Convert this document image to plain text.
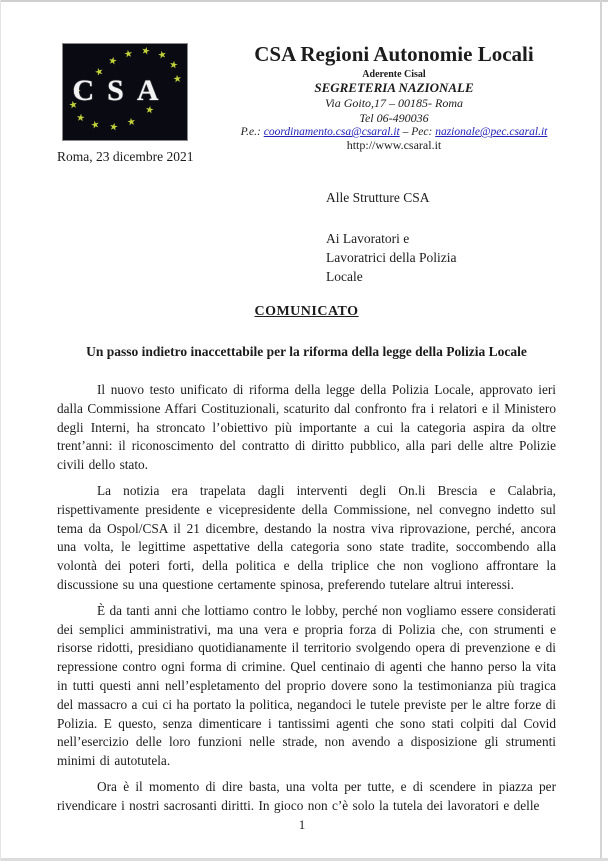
★
★
★
★
★
★
★
★
★
★
★
★
★
★
CSA

CSA Regioni Autonomie Locali

Aderente Cisal

SEGRETERIA NAZIONALE

Via Goito,17 – 00185- Roma

Tel 06-490036

P.e.: coordinamento.csa@csaral.it – Pec: nazionale@pec.csaral.it

http://www.csaral.it

Roma, 23 dicembre 2021
Alle Strutture CSA
Ai Lavoratori e
Lavoratrici della Polizia
Locale
COMUNICATO
Un passo indietro inaccettabile per la riforma della legge della Polizia Locale

Il nuovo testo unificato di riforma della legge della Polizia Locale, approvato ieri dalla Commissione Affari Costituzionali, scaturito dal confronto fra i relatori e il Ministero degli Interni, ha stroncato l’obiettivo più importante a cui la categoria aspira da oltre trent’anni: il riconoscimento del contratto di diritto pubblico, alla pari delle altre Polizie civili dello stato.

La notizia era trapelata dagli interventi degli On.li Brescia e Calabria, rispettivamente presidente e vicepresidente della Commissione, nel convegno indetto sul tema da Ospol/CSA il 21 dicembre, destando la nostra viva riprovazione, perché, ancora una volta, le legittime aspettative della categoria sono state tradite, soccombendo alla volontà dei poteri forti, della politica e della triplice che non vogliono affrontare la discussione su una questione certamente spinosa, preferendo tutelare altrui interessi.

È da tanti anni che lottiamo contro le lobby, perché non vogliamo essere considerati dei semplici amministrativi, ma una vera e propria forza di Polizia che, con strumenti e risorse ridotti, presidiano quotidianamente il territorio svolgendo opera di prevenzione e di repressione contro ogni forma di crimine. Quel centinaio di agenti che hanno perso la vita in tutti questi anni nell’espletamento del proprio dovere sono la testimonianza più tragica del massacro a cui ci ha portato la politica, negandoci le tutele previste per le altre forze di Polizia. E questo, senza dimenticare i tantissimi agenti che sono stati colpiti dal Covid nell’esercizio delle loro funzioni nelle strade, non avendo a disposizione gli strumenti minimi di autotutela.

Ora è il momento di dire basta, una volta per tutte, e di scendere in piazza per rivendicare i nostri sacrosanti diritti. In gioco non c’è solo la tutela dei lavoratori e delle

1
